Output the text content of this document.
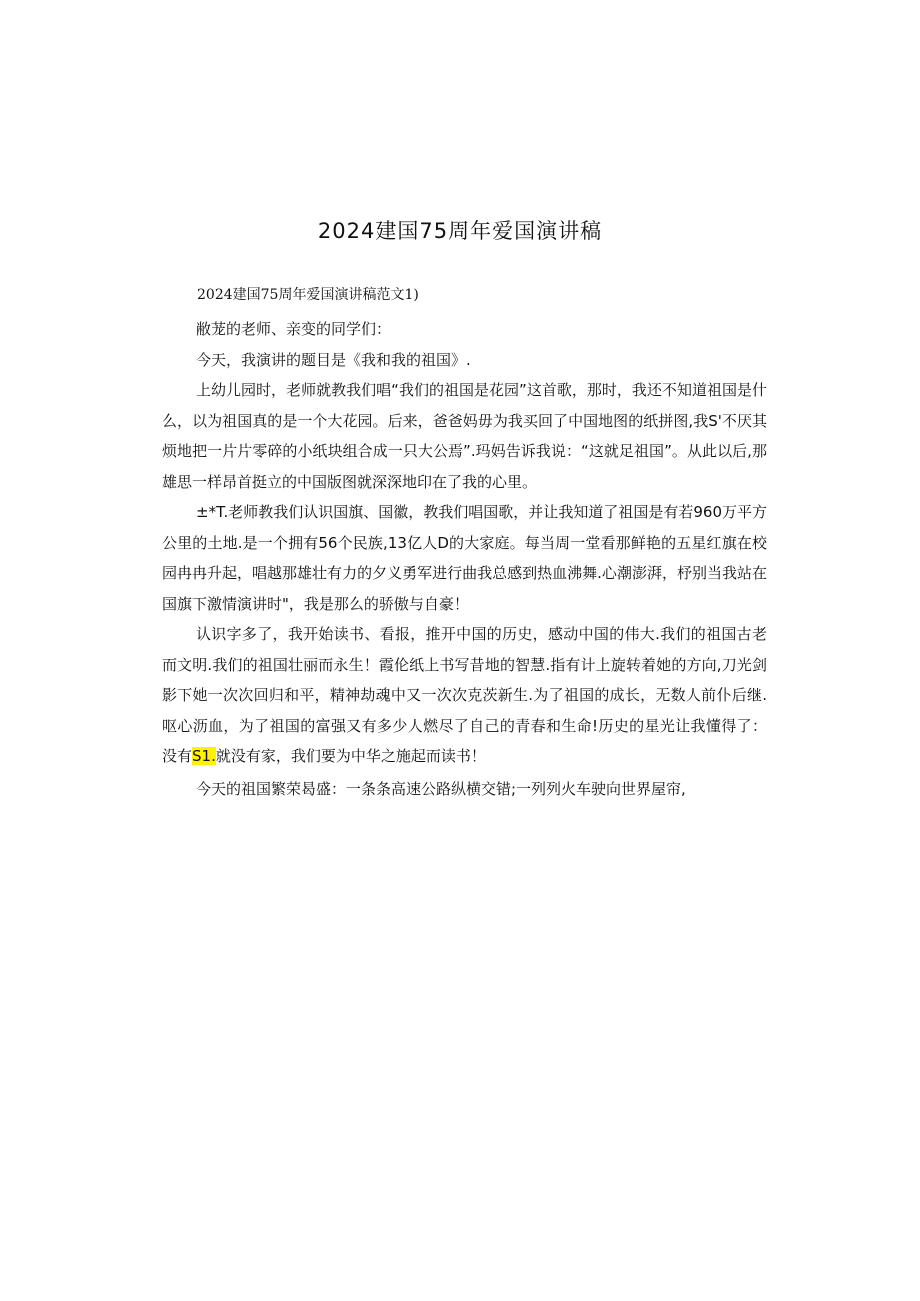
2024建国75周年爱国演讲稿
2024建国75周年爱国演讲稿范文1)

敝茏的老师、亲变的同学们：

今天，我演讲的题目是《我和我的祖国》.

上幼儿园时，老师就教我们唱“我们的祖国是花园”这首歌，那时，我还不知道祖国是什么，以为祖国真的是一个大花园。后来，爸爸妈毋为我买回了中国地图的纸拼图,我S'不厌其烦地把一片片零碎的小纸块组合成一只大公焉”.玛妈告诉我说：“这就足祖国”。从此以后,那雄思一样昂首挺立的中国版图就深深地印在了我的心里。

±*T.老师教我们认识国旗、国徽，教我们唱国歌，并让我知道了祖国是有若960万平方公里的土地.是一个拥有56个民族,13亿人D的大家庭。每当周一堂看那鲜艳的五星红旗在校园冉冉升起，唱越那雄壮有力的夕义勇军进行曲我总感到热血沸舞.心潮澎湃，杼别当我站在国旗下激情演讲时"，我是那么的骄傲与自豪！

认识字多了，我开始读书、看报，推开中国的历史，感动中国的伟大.我们的祖国古老而文明.我们的祖国壮丽而永生！霞伦纸上书写昔地的智慧.指有计上旋转着她的方向,刀光剑影下她一次次回归和平，精神劫魂中又一次次克茨新生.为了祖国的成长，无数人前仆后继.呕心沥血，为了祖国的富强又有多少人燃尽了自己的青春和生命!历史的星光让我懂得了：没有S1.就没有家，我们要为中华之施起而读书！

今天的祖国繁荣曷盛：一条条高速公路纵横交错;一列列火车驶向世界屋帘,
